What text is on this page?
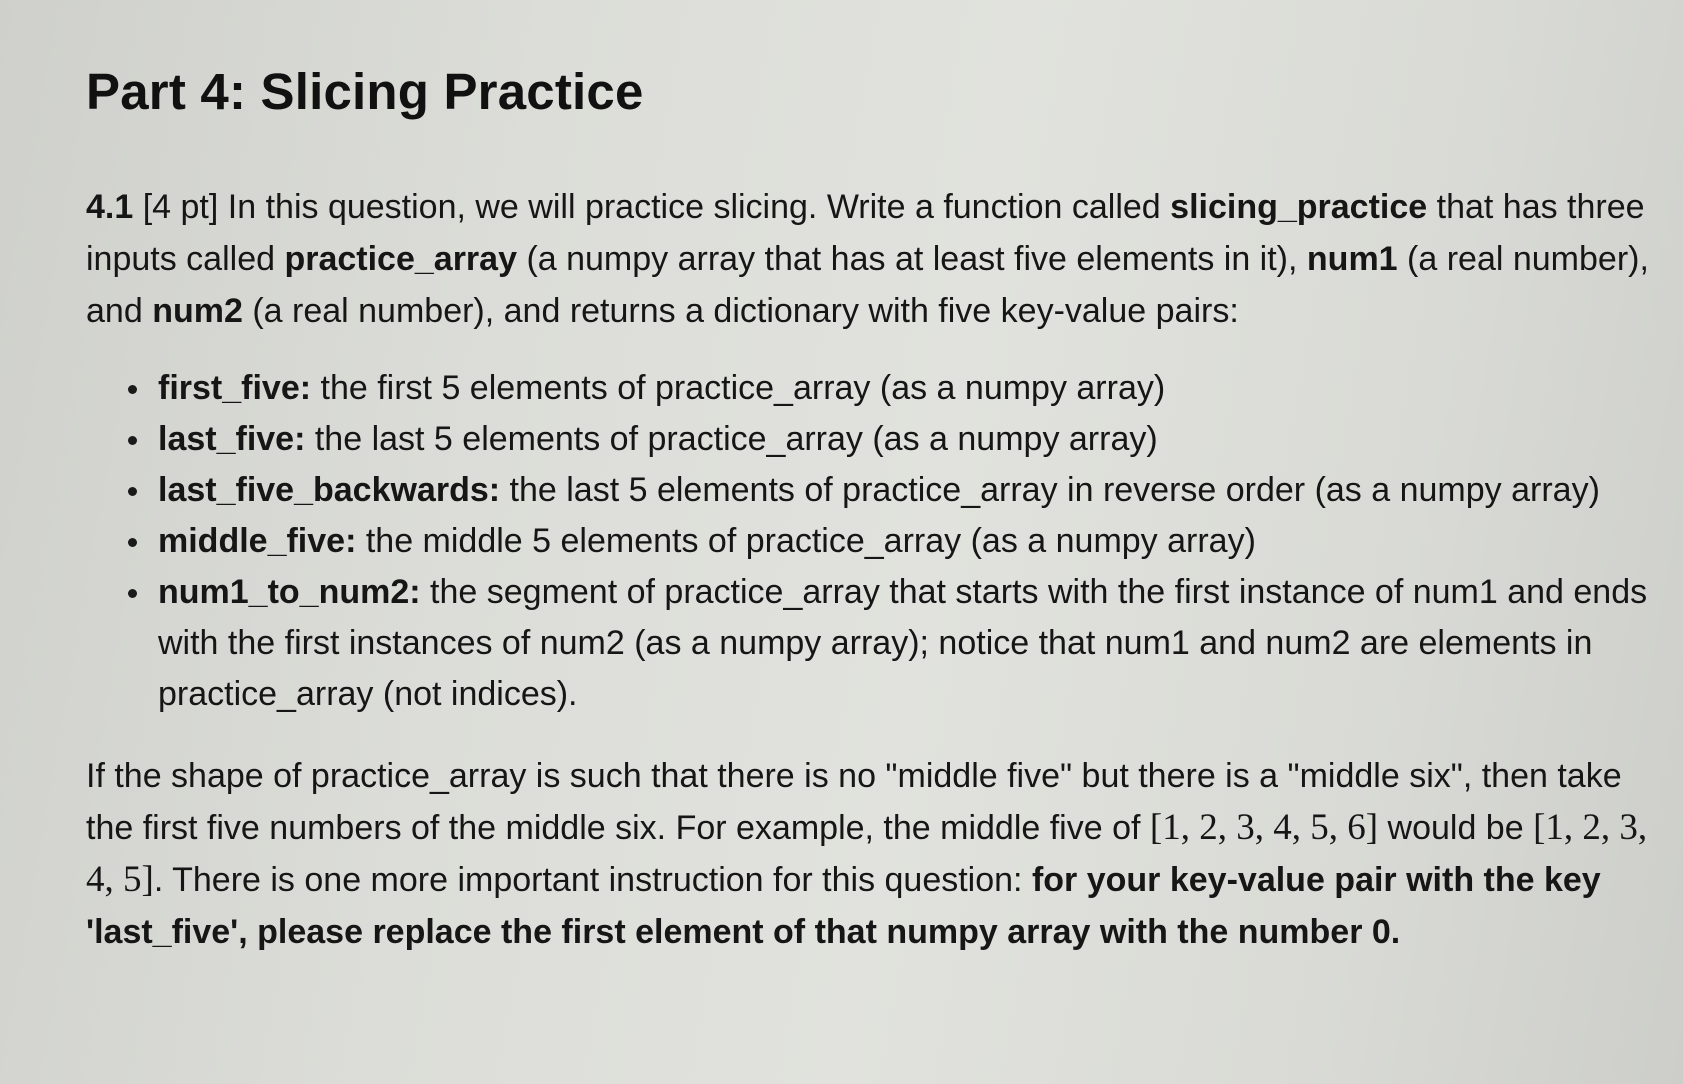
Part 4: Slicing Practice

4.1 [4 pt] In this question, we will practice slicing. Write a function called slicing_practice that has three inputs called practice_array (a numpy array that has at least five elements in it), num1 (a real number), and num2 (a real number), and returns a dictionary with five key-value pairs:

first_five: the first 5 elements of practice_array (as a numpy array)
last_five: the last 5 elements of practice_array (as a numpy array)
last_five_backwards: the last 5 elements of practice_array in reverse order (as a numpy array)
middle_five: the middle 5 elements of practice_array (as a numpy array)
num1_to_num2: the segment of practice_array that starts with the first instance of num1 and ends with the first instances of num2 (as a numpy array); notice that num1 and num2 are elements in practice_array (not indices).

If the shape of practice_array is such that there is no "middle five" but there is a "middle six", then take the first five numbers of the middle six. For example, the middle five of [1, 2, 3, 4, 5, 6] would be [1, 2, 3, 4, 5]. There is one more important instruction for this question: for your key-value pair with the key 'last_five', please replace the first element of that numpy array with the number 0.
